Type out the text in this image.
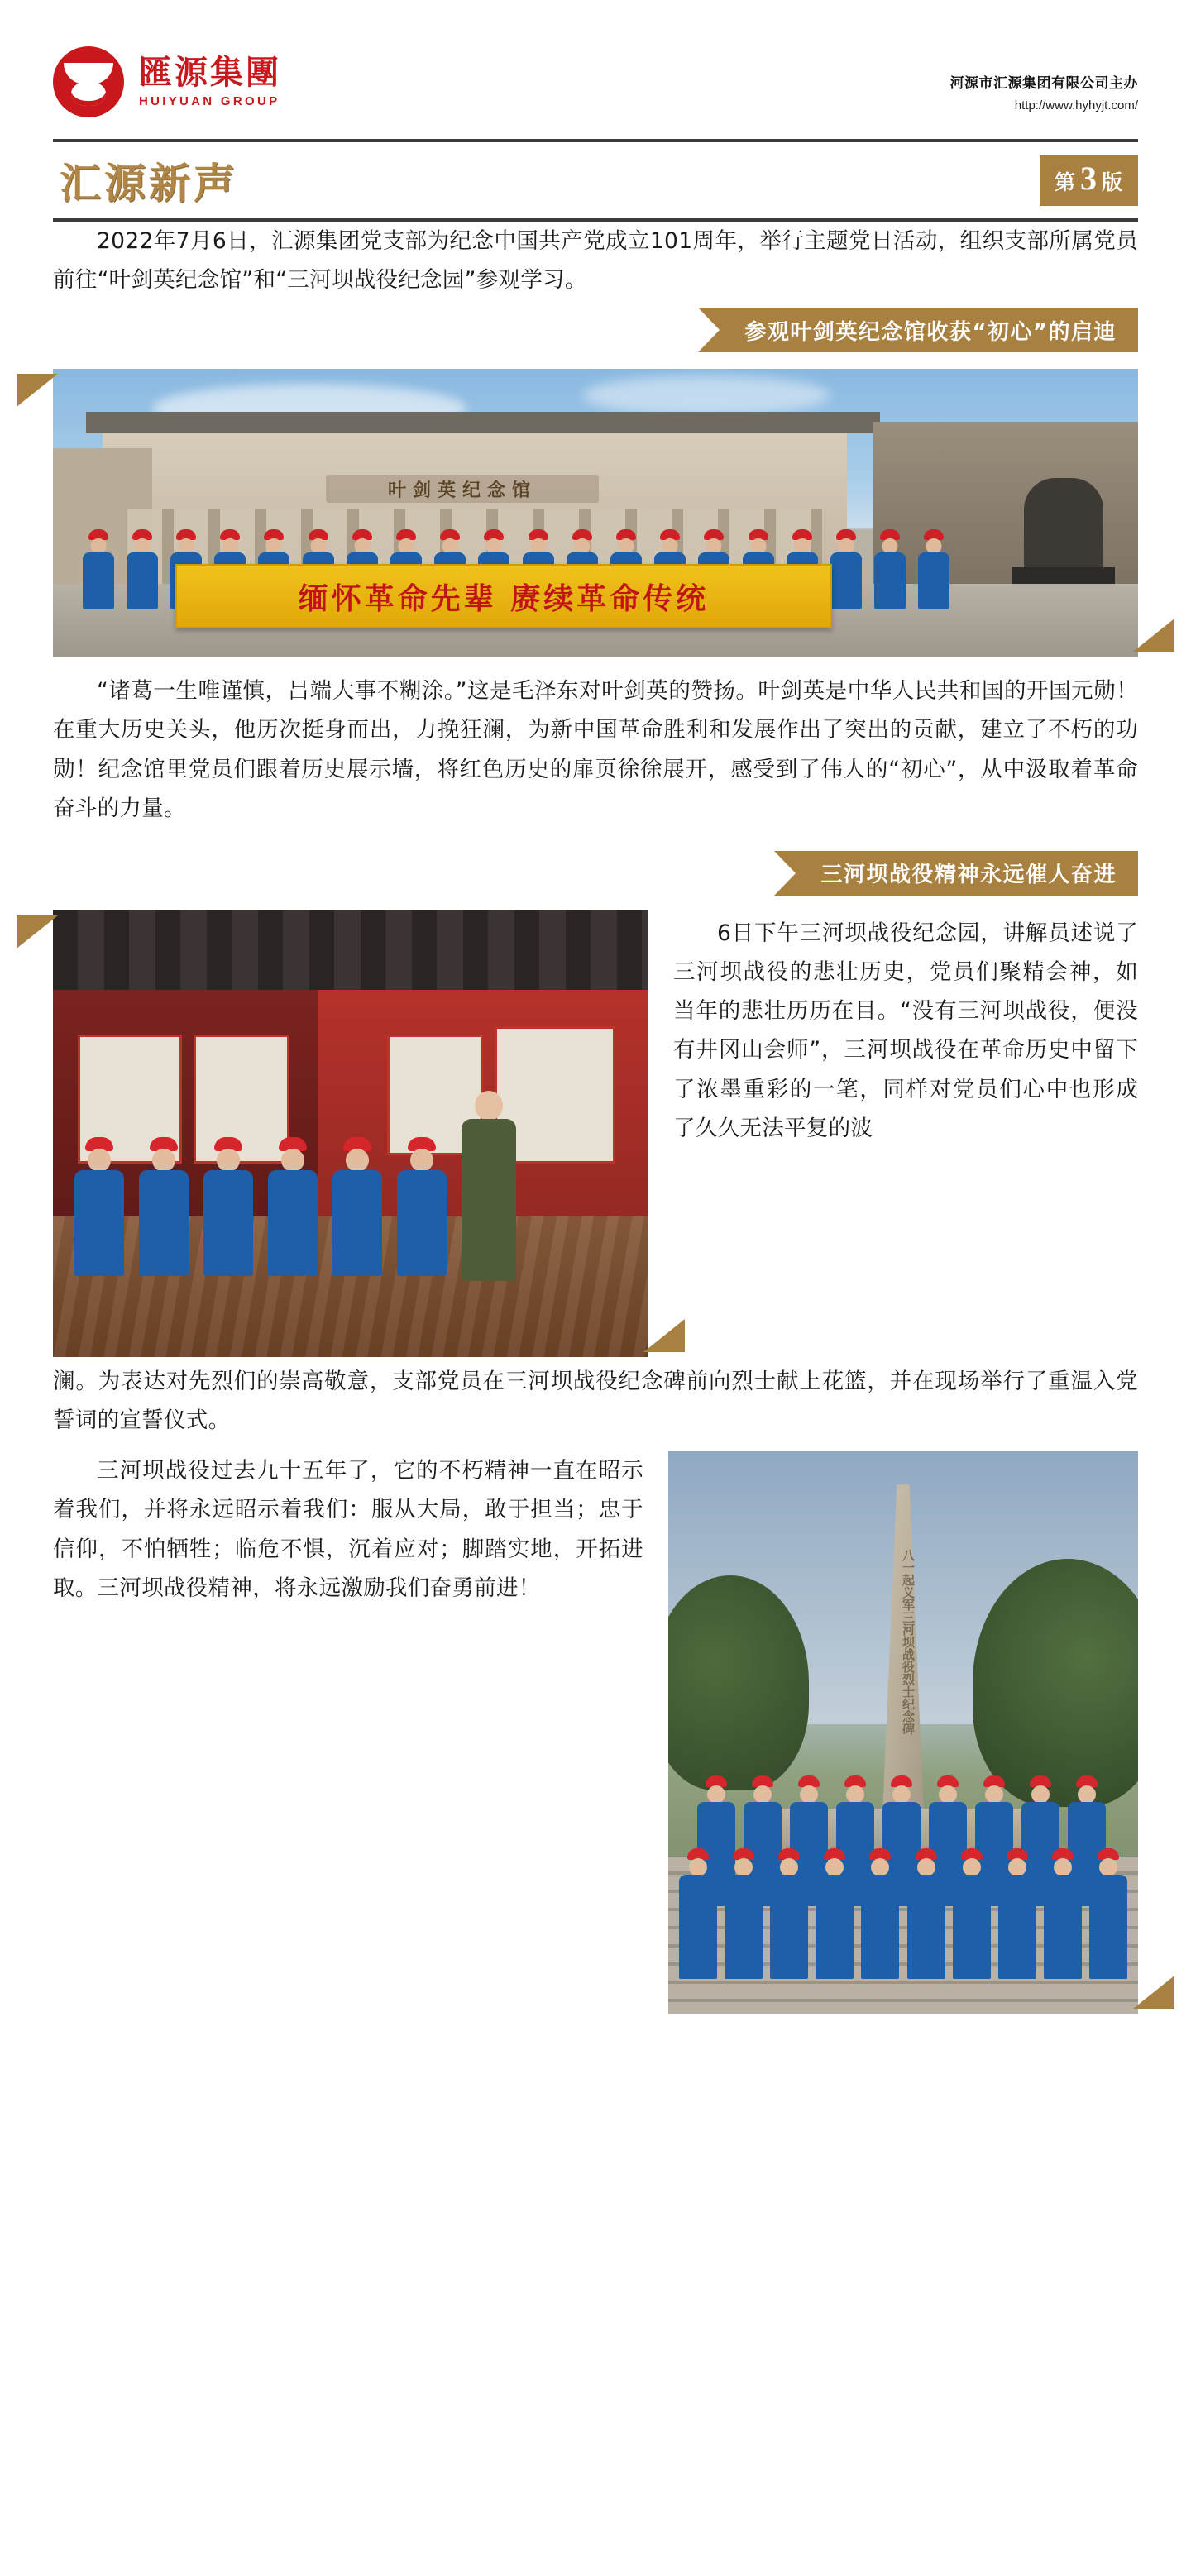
匯源集團
HUIYUAN GROUP
河源市汇源集团有限公司主办
http://www.hyhyjt.com/
汇源新声	第 3 版

2022年7月6日，汇源集团党支部为纪念中国共产党成立101周年，举行主题党日活动，组织支部所属党员前往“叶剑英纪念馆”和“三河坝战役纪念园”参观学习。

参观叶剑英纪念馆收获“初心”的启迪
叶剑英纪念馆
缅怀革命先辈 赓续革命传统

“诸葛一生唯谨慎，吕端大事不糊涂。”这是毛泽东对叶剑英的赞扬。叶剑英是中华人民共和国的开国元勋！在重大历史关头，他历次挺身而出，力挽狂澜，为新中国革命胜利和发展作出了突出的贡献，建立了不朽的功勋！纪念馆里党员们跟着历史展示墙，将红色历史的扉页徐徐展开，感受到了伟人的“初心”，从中汲取着革命奋斗的力量。

三河坝战役精神永远催人奋进

6日下午三河坝战役纪念园，讲解员述说了三河坝战役的悲壮历史，党员们聚精会神，如当年的悲壮历历在目。“没有三河坝战役，便没有井冈山会师”，三河坝战役在革命历史中留下了浓墨重彩的一笔，同样对党员们心中也形成了久久无法平复的波

澜。为表达对先烈们的崇高敬意，支部党员在三河坝战役纪念碑前向烈士献上花篮，并在现场举行了重温入党誓词的宣誓仪式。

三河坝战役过去九十五年了，它的不朽精神一直在昭示着我们，并将永远昭示着我们：服从大局，敢于担当；忠于信仰，不怕牺牲；临危不惧，沉着应对；脚踏实地，开拓进取。三河坝战役精神，将永远激励我们奋勇前进！	八一起义军三河坝战役烈士纪念碑
